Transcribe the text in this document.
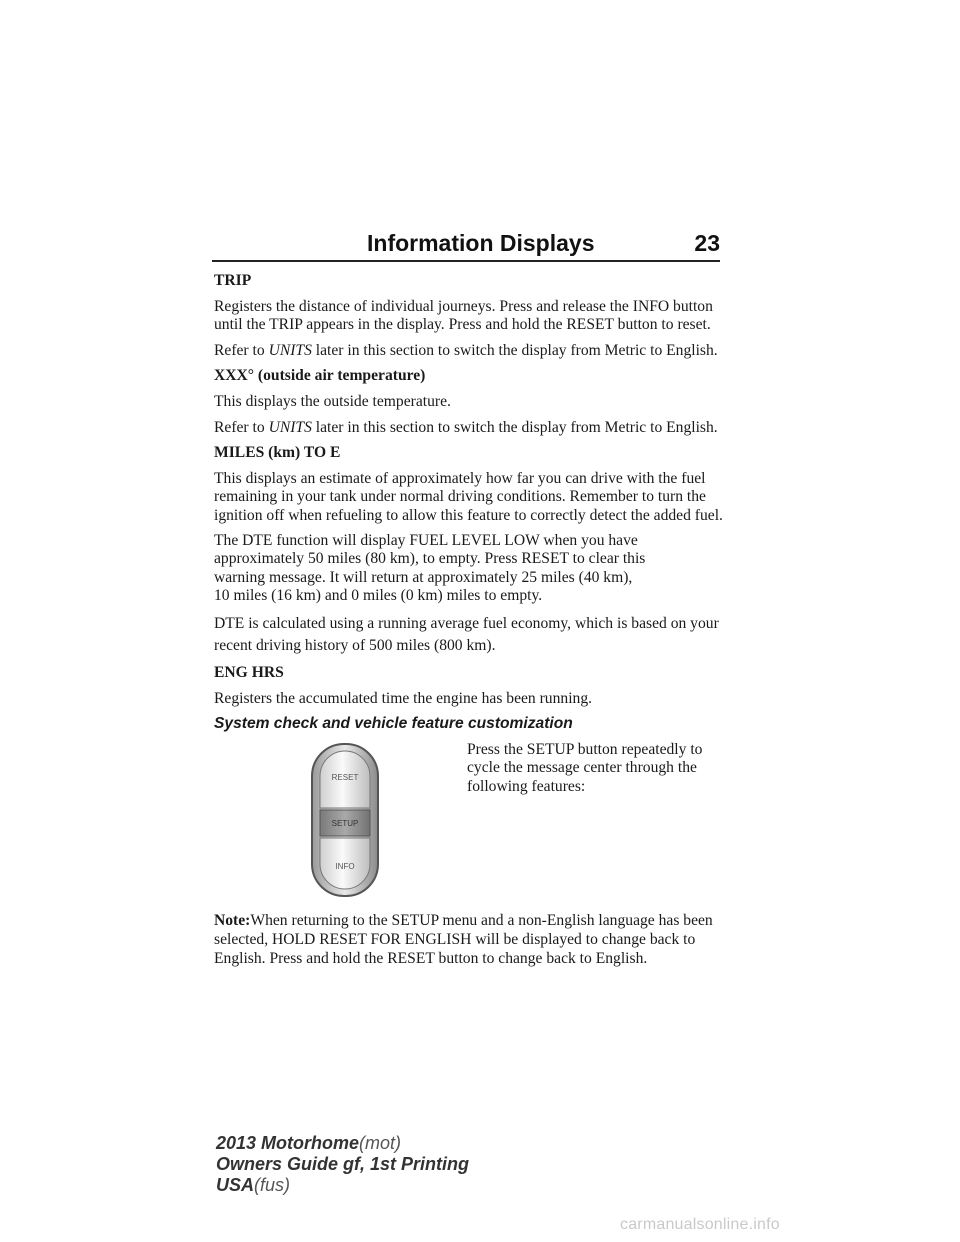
Information Displays	23
TRIP

Registers the distance of individual journeys. Press and release the INFO button until the TRIP appears in the display. Press and hold the RESET button to reset.

Refer to UNITS later in this section to switch the display from Metric to English.

XXX° (outside air temperature)

This displays the outside temperature.

Refer to UNITS later in this section to switch the display from Metric to English.

MILES (km) TO E

This displays an estimate of approximately how far you can drive with the fuel remaining in your tank under normal driving conditions. Remember to turn the ignition off when refueling to allow this feature to correctly detect the added fuel.

The DTE function will display FUEL LEVEL LOW when you have
approximately 50 miles (80 km), to empty. Press RESET to clear this
warning message. It will return at approximately 25 miles (40 km),
10 miles (16 km) and 0 miles (0 km) miles to empty.

DTE is calculated using a running average fuel economy, which is based on your recent driving history of 500 miles (800 km).

ENG HRS

Registers the accumulated time the engine has been running.

System check and vehicle feature customization
RESET
SETUP
INFO

Press the SETUP button repeatedly to cycle the message center through the following features:

Note:When returning to the SETUP menu and a non-English language has been selected, HOLD RESET FOR ENGLISH will be displayed to change back to English. Press and hold the RESET button to change back to English.

2013 Motorhome(mot)
Owners Guide gf, 1st Printing
USA(fus)
carmanualsonline.info
